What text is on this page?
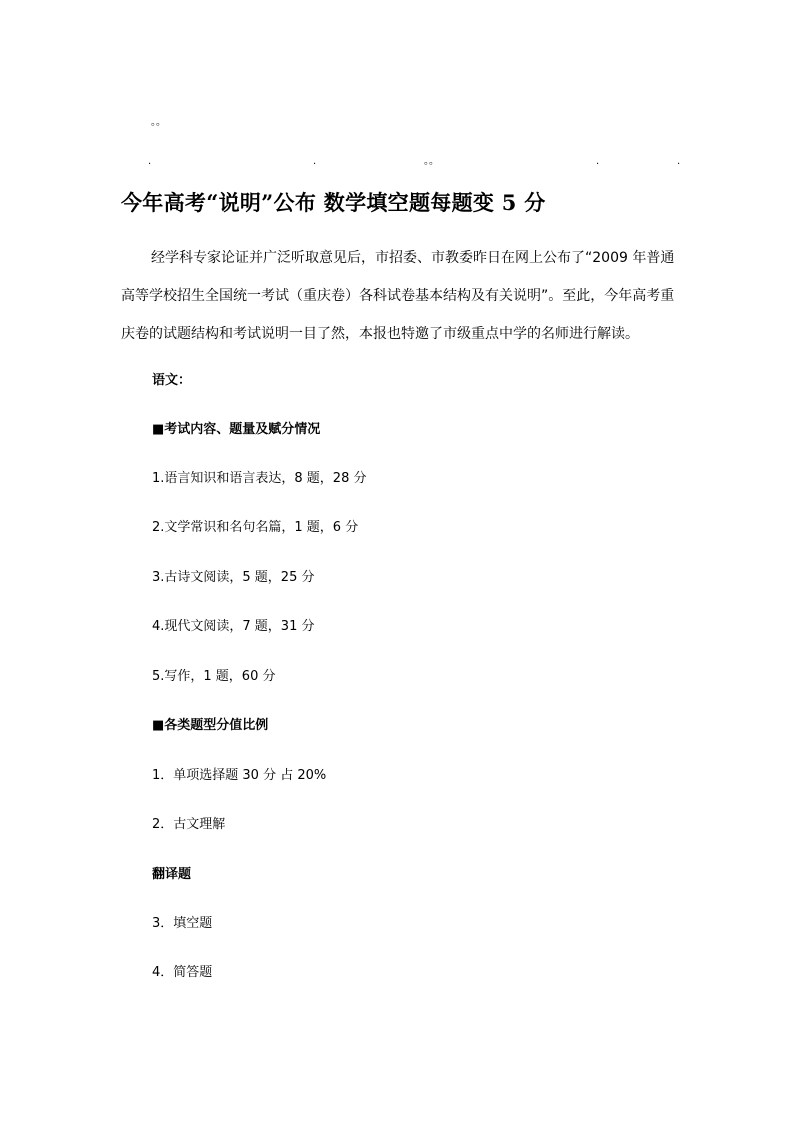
。。
.	.	。。	.	.
今年高考“说明”公布 数学填空题每题变 5 分
经学科专家论证并广泛听取意见后，市招委、市教委昨日在网上公布了“2009 年普通高等学校招生全国统一考试（重庆卷）各科试卷基本结构及有关说明”。至此，今年高考重庆卷的试题结构和考试说明一目了然，本报也特邀了市级重点中学的名师进行解读。
语文：
■考试内容、题量及赋分情况
1.语言知识和语言表达，8 题，28 分
2.文学常识和名句名篇，1 题，6 分
3.古诗文阅读，5 题，25 分
4.现代文阅读，7 题，31 分
5.写作，1 题，60 分
■各类题型分值比例
1．单项选择题 30 分 占 20%
2．古文理解
翻译题
3．填空题
4．简答题
